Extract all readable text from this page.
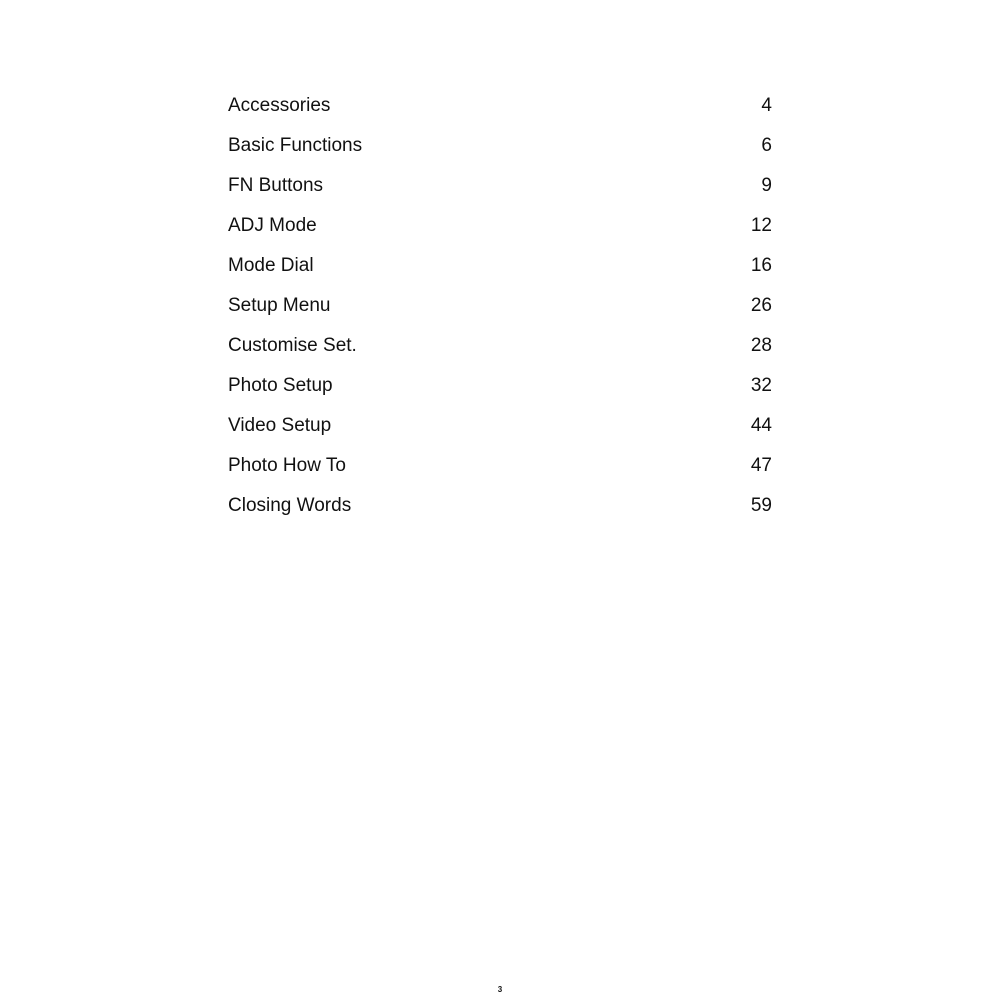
Accessories	4
Basic Functions	6
FN Buttons	9
ADJ Mode	12
Mode Dial	16
Setup Menu	26
Customise Set.	28
Photo Setup	32
Video Setup	44
Photo How To	47
Closing Words	59
3
